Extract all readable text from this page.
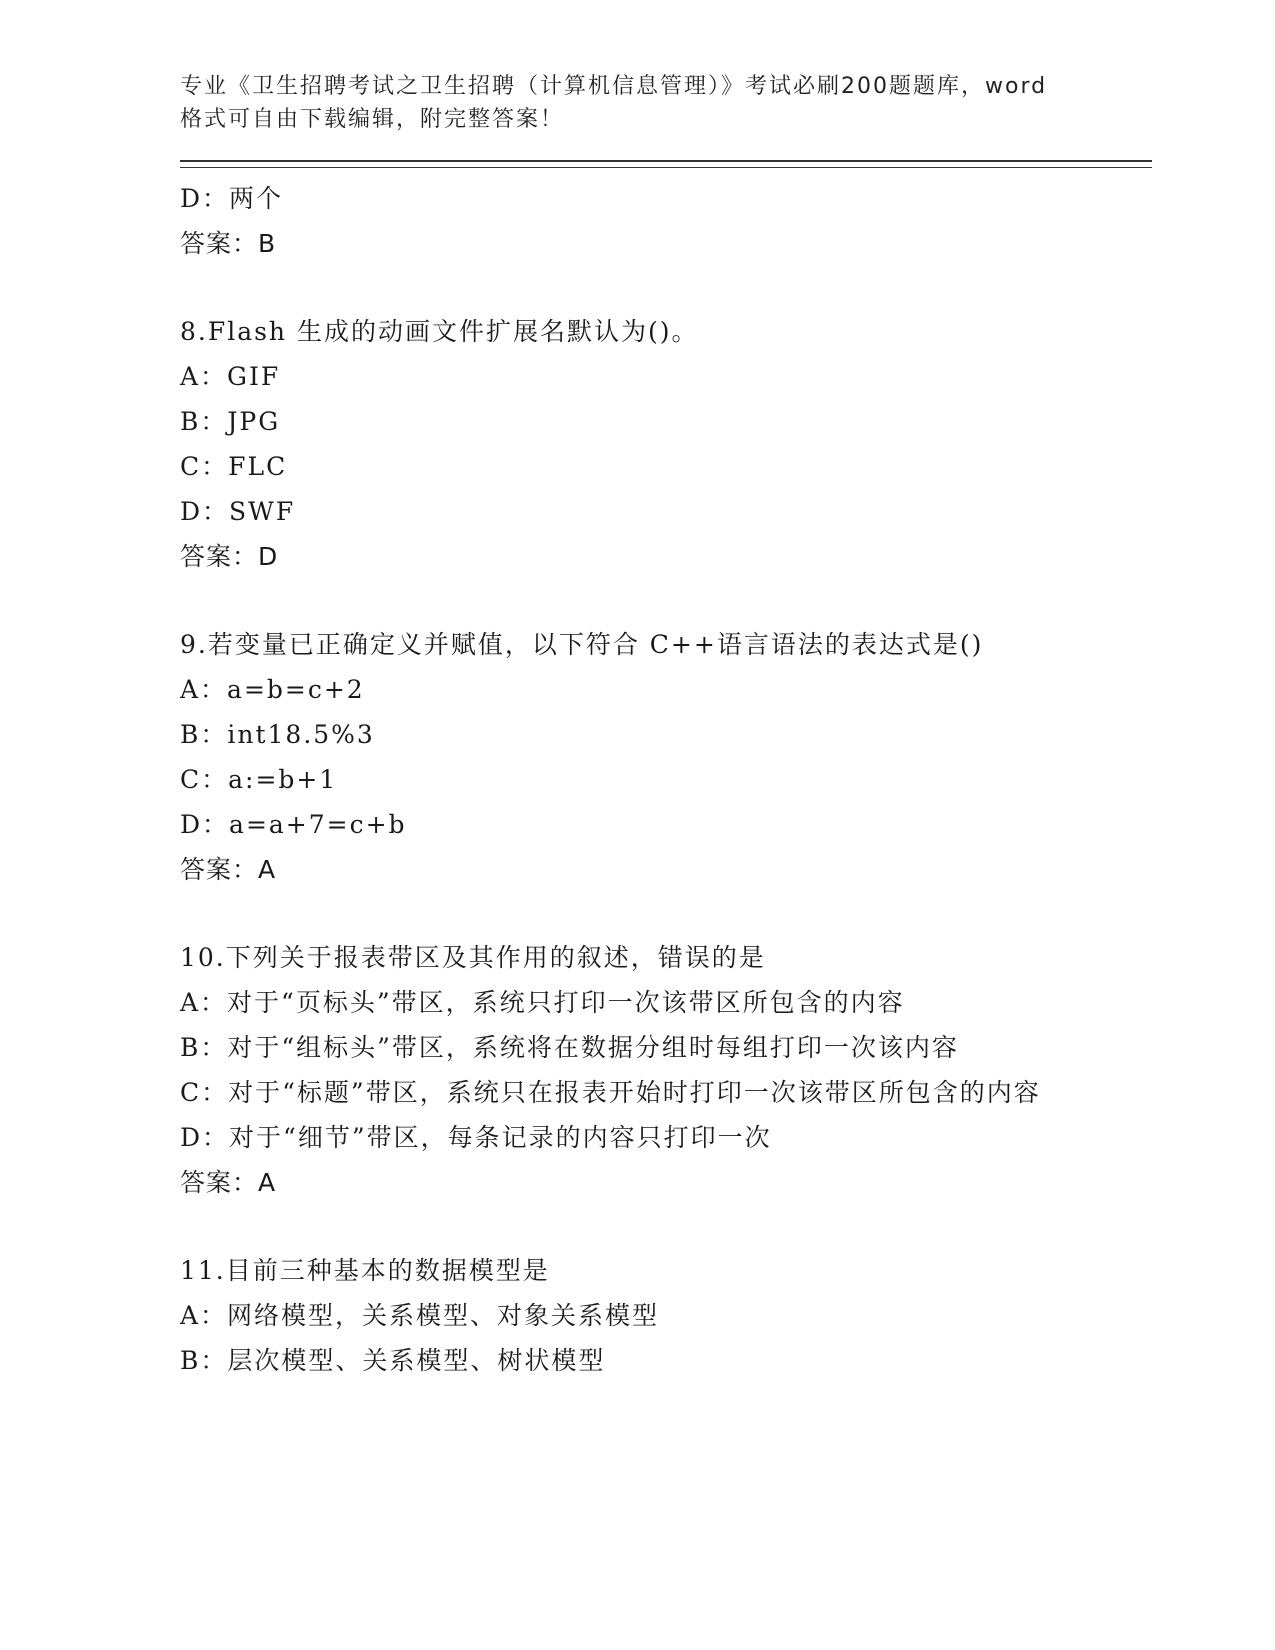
专业《卫生招聘考试之卫生招聘（计算机信息管理）》考试必刷200题题库，word格式可自由下载编辑，附完整答案！
D：两个
答案：B
8.Flash 生成的动画文件扩展名默认为()。
A：GIF
B：JPG
C：FLC
D：SWF
答案：D
9.若变量已正确定义并赋值，以下符合 C++语言语法的表达式是()
A：a=b=c+2
B：int18.5%3
C：a:=b+1
D：a=a+7=c+b
答案：A
10.下列关于报表带区及其作用的叙述，错误的是
A：对于“页标头”带区，系统只打印一次该带区所包含的内容
B：对于“组标头”带区，系统将在数据分组时每组打印一次该内容
C：对于“标题”带区，系统只在报表开始时打印一次该带区所包含的内容
D：对于“细节”带区，每条记录的内容只打印一次
答案：A
11.目前三种基本的数据模型是
A：网络模型，关系模型、对象关系模型
B：层次模型、关系模型、树状模型
